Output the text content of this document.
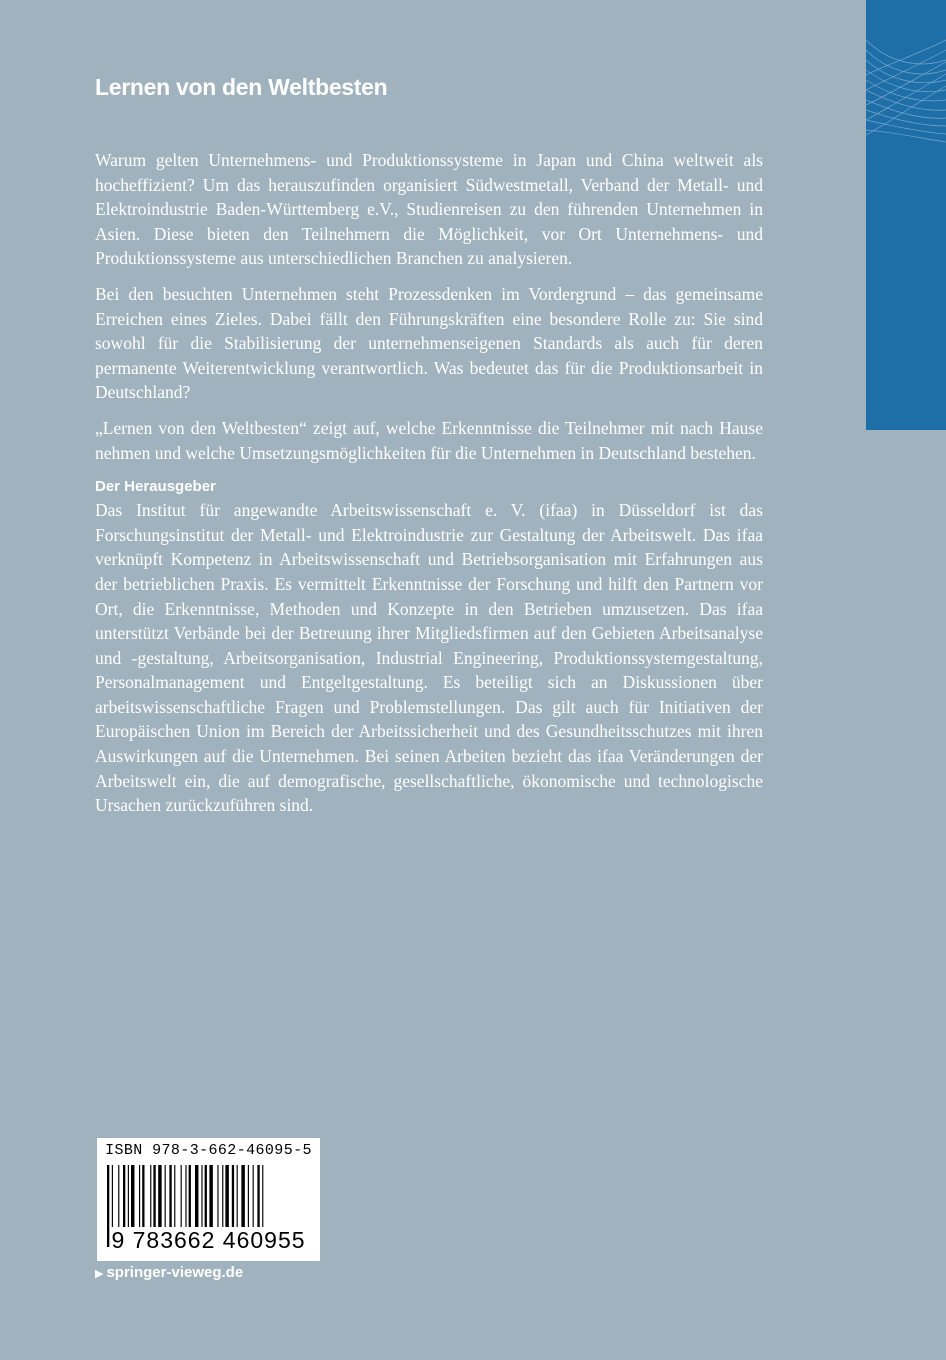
Lernen von den Weltbesten

Warum gelten Unternehmens- und Produktionssysteme in Japan und China weltweit als hocheffizient? Um das herauszufinden organisiert Südwestmetall, Verband der Metall- und Elektroindustrie Baden-Württemberg e.V., Studienreisen zu den führenden Unternehmen in Asien. Diese bieten den Teilnehmern die Möglichkeit, vor Ort Unternehmens- und Produktionssysteme aus unterschiedlichen Branchen zu analysieren.

Bei den besuchten Unternehmen steht Prozessdenken im Vordergrund – das gemeinsame Erreichen eines Zieles. Dabei fällt den Führungskräften eine besondere Rolle zu: Sie sind sowohl für die Stabilisierung der unternehmenseigenen Standards als auch für deren permanente Weiterentwicklung verantwortlich. Was bedeutet das für die Produktionsarbeit in Deutschland?

„Lernen von den Weltbesten“ zeigt auf, welche Erkenntnisse die Teilnehmer mit nach Hause nehmen und welche Umsetzungsmöglichkeiten für die Unternehmen in Deutschland bestehen.

Der Herausgeber

Das Institut für angewandte Arbeitswissenschaft e. V. (ifaa) in Düsseldorf ist das Forschungsinstitut der Metall- und Elektroindustrie zur Gestaltung der Arbeitswelt. Das ifaa verknüpft Kompetenz in Arbeitswissenschaft und Betriebsorganisation mit Erfahrungen aus der betrieblichen Praxis. Es vermittelt Erkenntnisse der Forschung und hilft den Partnern vor Ort, die Erkenntnisse, Methoden und Konzepte in den Betrieben umzusetzen. Das ifaa unterstützt Verbände bei der Betreuung ihrer Mitgliedsfirmen auf den Gebieten Arbeitsanalyse und -gestaltung, Arbeitsorganisation, Industrial Engineering, Produktionssystemgestaltung, Personalmanagement und Entgeltgestaltung. Es beteiligt sich an Diskussionen über arbeitswissenschaftliche Fragen und Problemstellungen. Das gilt auch für Initiativen der Europäischen Union im Bereich der Arbeitssicherheit und des Gesundheitsschutzes mit ihren Auswirkungen auf die Unternehmen. Bei seinen Arbeiten bezieht das ifaa Veränderungen der Arbeitswelt ein, die auf demografische, gesellschaftliche, ökonomische und technologische Ursachen zurückzuführen sind.

ISBN 978-3-662-46095-5
9 783662 460955
▶ springer-vieweg.de
